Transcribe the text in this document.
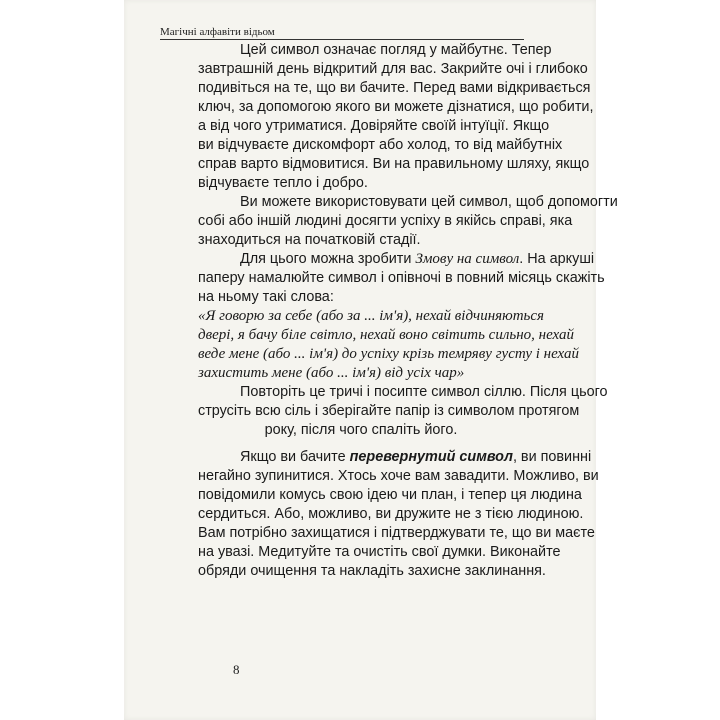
Магічні алфавіти відьом
Цей символ означає погляд у майбутнє. Тепер
завтрашній день відкритий для вас. Закрийте очі і глибоко
подивіться на те, що ви бачите. Перед вами відкривається
ключ, за допомогою якого ви можете дізнатися, що робити,
а від чого утриматися. Довіряйте своїй інтуїції. Якщо
ви відчуваєте дискомфорт або холод, то від майбутніх
справ варто відмовитися. Ви на правильному шляху, якщо
відчуваєте тепло і добро.
Ви можете використовувати цей символ, щоб допомогти
собі або іншій людині досягти успіху в якійсь справі, яка
знаходиться на початковій стадії.
Для цього можна зробити Змову на символ. На аркуші
паперу намалюйте символ і опівночі в повний місяць скажіть
на ньому такі слова:
«Я говорю за себе (або за ... ім'я), нехай відчиняються
двері, я бачу біле світло, нехай воно світить сильно, нехай
веде мене (або ... ім'я) до успіху крізь темряву густу і нехай
захистить мене (або ... ім'я) від усіх чар»
Повторіть це тричі і посипте символ сіллю. Після цього
струсіть всю сіль і зберігайте папір із символом протягом
року, після чого спаліть його.
Якщо ви бачите перевернутий символ, ви повинні
негайно зупинитися. Хтось хоче вам завадити. Можливо, ви
повідомили комусь свою ідею чи план, і тепер ця людина
сердиться. Або, можливо, ви дружите не з тією людиною.
Вам потрібно захищатися і підтверджувати те, що ви маєте
на увазі. Медитуйте та очистіть свої думки. Виконайте
обряди очищення та накладіть захисне заклинання.
8
